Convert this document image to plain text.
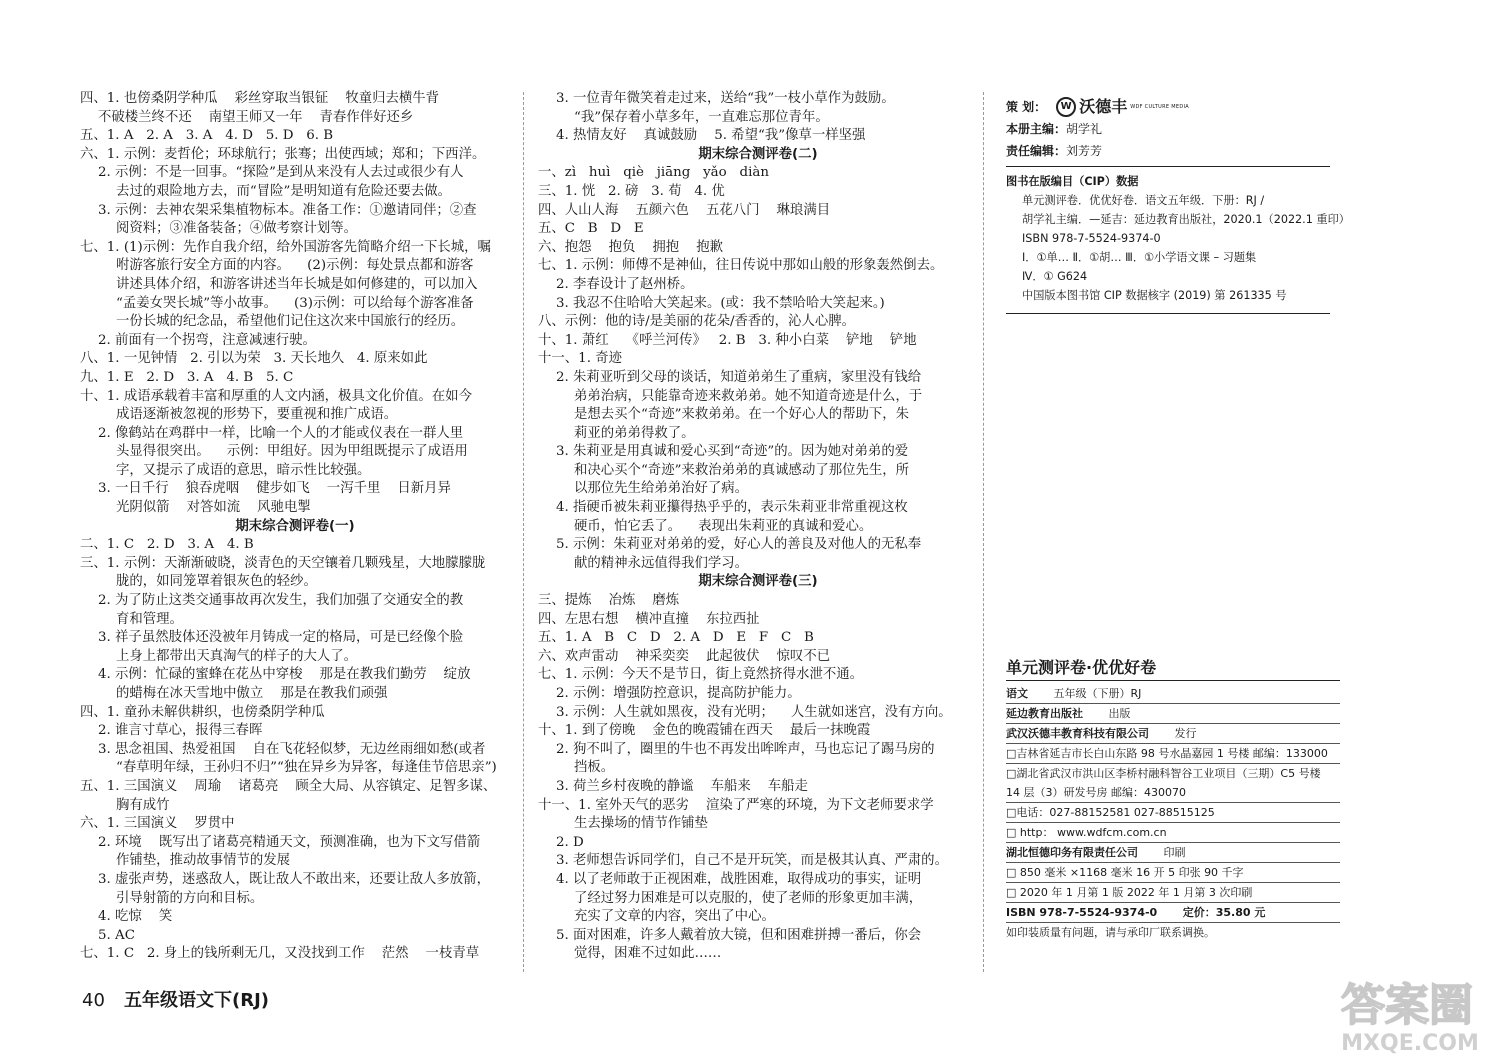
四、1. 也傍桑阴学种瓜    彩丝穿取当银钲    牧童归去横牛背
不破楼兰终不还    南望王师又一年    青春作伴好还乡
五、1. A   2. A   3. A   4. D   5. D   6. B
六、1. 示例：麦哲伦；环球航行；张骞；出使西域；郑和；下西洋。
2. 示例：不是一回事。“探险”是到从来没有人去过或很少有人
去过的艰险地方去，而“冒险”是明知道有危险还要去做。
3. 示例：去神农架采集植物标本。准备工作：①邀请同伴；②查
阅资料；③准备装备；④做考察计划等。
七、1. (1)示例：先作自我介绍，给外国游客先简略介绍一下长城，嘱
咐游客旅行安全方面的内容。    (2)示例：每处景点都和游客
讲述具体介绍，和游客讲述当年长城是如何修建的，可以加入
“孟姜女哭长城”等小故事。    (3)示例：可以给每个游客准备
一份长城的纪念品，希望他们记住这次来中国旅行的经历。
2. 前面有一个拐弯，注意减速行驶。
八、1. 一见钟情   2. 引以为荣   3. 天长地久   4. 原来如此
九、1. E   2. D   3. A   4. B   5. C
十、1. 成语承载着丰富和厚重的人文内涵，极具文化价值。在如今
成语逐渐被忽视的形势下，要重视和推广成语。
2. 像鹤站在鸡群中一样，比喻一个人的才能或仪表在一群人里
头显得很突出。    示例：甲组好。因为甲组既提示了成语用
字，又提示了成语的意思，暗示性比较强。
3. 一日千行    狼吞虎咽    健步如飞    一泻千里    日新月异
光阴似箭    对答如流    风驰电掣
期末综合测评卷(一)
二、1. C   2. D   3. A   4. B
三、1. 示例：天渐渐破晓，淡青色的天空镶着几颗残星，大地朦朦胧
胧的，如同笼罩着银灰色的轻纱。
2. 为了防止这类交通事故再次发生，我们加强了交通安全的教
育和管理。
3. 祥子虽然肢体还没被年月铸成一定的格局，可是已经像个脸
上身上都带出天真淘气的样子的大人了。
4. 示例：忙碌的蜜蜂在花丛中穿梭    那是在教我们勤劳    绽放
的蜡梅在冰天雪地中傲立    那是在教我们顽强
四、1. 童孙未解供耕织，也傍桑阴学种瓜
2. 谁言寸草心，报得三春晖
3. 思念祖国、热爱祖国    自在飞花轻似梦，无边丝雨细如愁(或者
“春草明年绿，王孙归不归”“独在异乡为异客，每逢佳节倍思亲”)
五、1. 三国演义    周瑜    诸葛亮    顾全大局、从容镇定、足智多谋、
胸有成竹
六、1. 三国演义    罗贯中
2. 环境    既写出了诸葛亮精通天文，预测准确，也为下文写借箭
作铺垫，推动故事情节的发展
3. 虚张声势，迷惑敌人，既让敌人不敢出来，还要让敌人多放箭，
引导射箭的方向和目标。
4. 吃惊    笑
5. AC
七、1. C   2. 身上的钱所剩无几，又没找到工作    茫然    一枝青草
3. 一位青年微笑着走过来，送给“我”一枝小草作为鼓励。
“我”保存着小草多年，一直难忘那位青年。
4. 热情友好    真诚鼓励    5. 希望“我”像草一样坚强
期末综合测评卷(二)
一、zì   huì   qiè   jiāng   yǎo   diàn
三、1. 恍   2. 磅   3. 荀   4. 优
四、人山人海    五颜六色    五花八门    琳琅满目
五、C   B   D   E
六、抱怨    抱负    拥抱    抱歉
七、1. 示例：师傅不是神仙，往日传说中那如山般的形象轰然倒去。
2. 李春设计了赵州桥。
3. 我忍不住哈哈大笑起来。(或：我不禁哈哈大笑起来。)
八、示例：他的诗/是美丽的花朵/香香的，沁人心脾。
十、1. 萧红    《呼兰河传》   2. B   3. 种小白菜    铲地    铲地
十一、1. 奇迹
2. 朱莉亚听到父母的谈话，知道弟弟生了重病，家里没有钱给
弟弟治病，只能靠奇迹来救弟弟。她不知道奇迹是什么，于
是想去买个“奇迹”来救弟弟。在一个好心人的帮助下，朱
莉亚的弟弟得救了。
3. 朱莉亚是用真诚和爱心买到“奇迹”的。因为她对弟弟的爱
和决心买个“奇迹”来救治弟弟的真诚感动了那位先生，所
以那位先生给弟弟治好了病。
4. 指硬币被朱莉亚攥得热乎乎的，表示朱莉亚非常重视这枚
硬币，怕它丢了。    表现出朱莉亚的真诚和爱心。
5. 示例：朱莉亚对弟弟的爱，好心人的善良及对他人的无私奉
献的精神永远值得我们学习。
期末综合测评卷(三)
三、提炼    冶炼    磨炼
四、左思右想    横冲直撞    东拉西扯
五、1. A   B   C   D   2. A   D   E   F   C   B
六、欢声雷动    神采奕奕    此起彼伏    惊叹不已
七、1. 示例：今天不是节日，街上竟然挤得水泄不通。
2. 示例：增强防控意识，提高防护能力。
3. 示例：人生就如黑夜，没有光明；    人生就如迷宫，没有方向。
十、1. 到了傍晚    金色的晚霞铺在西天    最后一抹晚霞
2. 狗不叫了，圈里的牛也不再发出哞哞声，马也忘记了踢马房的
挡板。
3. 荷兰乡村夜晚的静谧    车船来    车船走
十一、1. 室外天气的恶劣    渲染了严寒的环境，为下文老师要求学
生去操场的情节作铺垫
2. D
3. 老师想告诉同学们，自己不是开玩笑，而是极其认真、严肃的。
4. 以了老师敢于正视困难，战胜困难，取得成功的事实，证明
了经过努力困难是可以克服的，使了老师的形象更加丰满，
充实了文章的内容，突出了中心。
5. 面对困难，许多人戴着放大镜，但和困难拼搏一番后，你会
觉得，困难不过如此……
策 划：	W 沃德丰 WDF CULTURE MEDIA
本册主编： 胡学礼
责任编辑： 刘芳芳
图书在版编目（CIP）数据
单元测评卷．优优好卷．语文五年级．下册：RJ /
胡学礼主编．—延吉：延边教育出版社，2020.1（2022.1 重印）
ISBN 978-7-5524-9374-0
Ⅰ．①单… Ⅱ．①胡… Ⅲ．①小学语文课 – 习题集
Ⅳ．① G624
中国版本图书馆 CIP 数据核字 (2019) 第 261335 号
单元测评卷·优优好卷
语文 五年级（下册）RJ
延边教育出版社 出版
武汉沃德丰教育科技有限公司 发行
□吉林省延吉市长白山东路 98 号水晶嘉园 1 号楼 邮编：133000
□湖北省武汉市洪山区李桥村融科智谷工业项目（三期）C5 号楼
14 层（3）研发号房 邮编：430070
□电话：027-88152581 027-88515125
□ http： www.wdfcm.com.cn
湖北恒德印务有限责任公司 印刷
□ 850 毫米 ×1168 毫米 16 开 5 印张 90 千字
□ 2020 年 1 月第 1 版 2022 年 1 月第 3 次印刷
ISBN 978-7-5524-9374-0 定价：35.80 元
如印装质量有问题，请与承印厂联系调换。
40 五年级语文下(RJ)	答案圈
MXQE.COM
